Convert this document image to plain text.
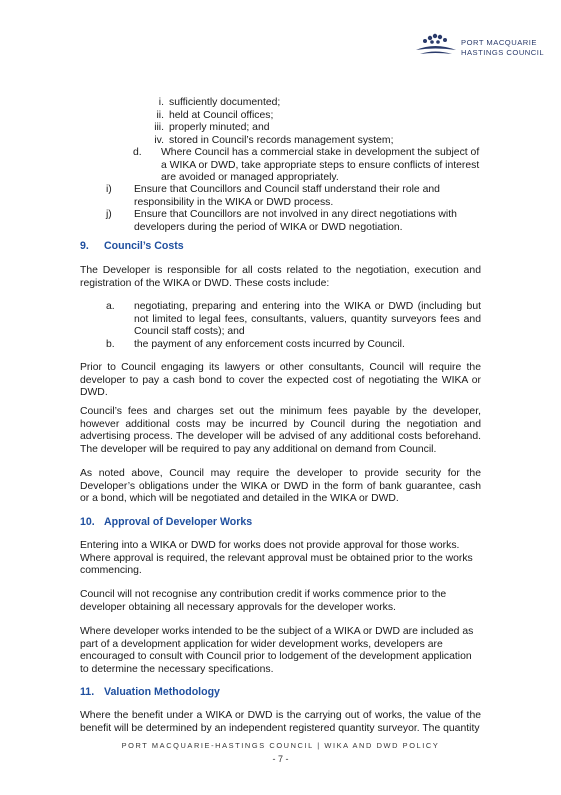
PORT MACQUARIE
HASTINGS COUNCIL
i. sufficiently documented;
ii. held at Council offices;
iii. properly minuted; and
iv. stored in Council’s records management system;
d. Where Council has a commercial stake in development the subject of a WIKA or DWD, take appropriate steps to ensure conflicts of interest are avoided or managed appropriately.

i) Ensure that Councillors and Council staff understand their role and responsibility in the WIKA or DWD process.

j) Ensure that Councillors are not involved in any direct negotiations with developers during the period of WIKA or DWD negotiation.

9. Council’s Costs

The Developer is responsible for all costs related to the negotiation, execution and registration of the WIKA or DWD. These costs include:

a. negotiating, preparing and entering into the WIKA or DWD (including but not limited to legal fees, consultants, valuers, quantity surveyors fees and Council staff costs); and

b. the payment of any enforcement costs incurred by Council.

Prior to Council engaging its lawyers or other consultants, Council will require the developer to pay a cash bond to cover the expected cost of negotiating the WIKA or DWD.

Council’s fees and charges set out the minimum fees payable by the developer, however additional costs may be incurred by Council during the negotiation and advertising process. The developer will be advised of any additional costs beforehand. The developer will be required to pay any additional on demand from Council.

As noted above, Council may require the developer to provide security for the Developer’s obligations under the WIKA or DWD in the form of bank guarantee, cash or a bond, which will be negotiated and detailed in the WIKA or DWD.

10. Approval of Developer Works

Entering into a WIKA or DWD for works does not provide approval for those works. Where approval is required, the relevant approval must be obtained prior to the works commencing.

Council will not recognise any contribution credit if works commence prior to the developer obtaining all necessary approvals for the developer works.

Where developer works intended to be the subject of a WIKA or DWD are included as part of a development application for wider development works, developers are encouraged to consult with Council prior to lodgement of the development application to determine the necessary specifications.

11. Valuation Methodology

Where the benefit under a WIKA or DWD is the carrying out of works, the value of the benefit will be determined by an independent registered quantity surveyor. The quantity

PORT MACQUARIE-HASTINGS COUNCIL | WIKA AND DWD POLICY
- 7 -
